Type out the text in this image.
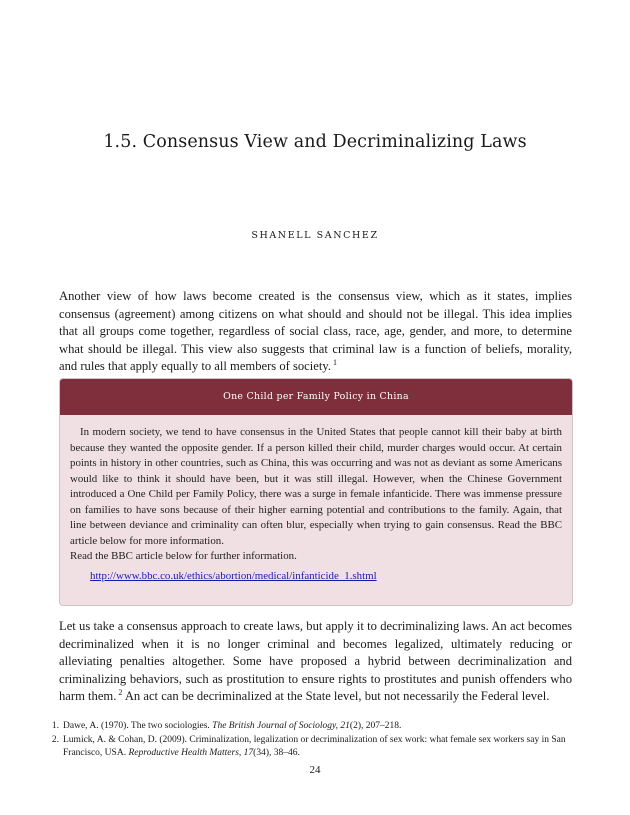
1.5. Consensus View and Decriminalizing Laws
SHANELL SANCHEZ
Another view of how laws become created is the consensus view, which as it states, implies consensus (agreement) among citizens on what should and should not be illegal. This idea implies that all groups come together, regardless of social class, race, age, gender, and more, to determine what should be illegal. This view also suggests that criminal law is a function of beliefs, morality, and rules that apply equally to all members of society. $^1$
One Child per Family Policy in China

In modern society, we tend to have consensus in the United States that people cannot kill their baby at birth because they wanted the opposite gender. If a person killed their child, murder charges would occur. At certain points in history in other countries, such as China, this was occurring and was not as deviant as some Americans would like to think it should have been, but it was still illegal. However, when the Chinese Government introduced a One Child per Family Policy, there was a surge in female infanticide. There was immense pressure on families to have sons because of their higher earning potential and contributions to the family. Again, that line between deviance and criminality can often blur, especially when trying to gain consensus. Read the BBC article below for more information.

Read the BBC article below for further information.

http://www.bbc.co.uk/ethics/abortion/medical/infanticide_1.shtml

Let us take a consensus approach to create laws, but apply it to decriminalizing laws. An act becomes decriminalized when it is no longer criminal and becomes legalized, ultimately reducing or alleviating penalties altogether. Some have proposed a hybrid between decriminalization and criminalizing behaviors, such as prostitution to ensure rights to prostitutes and punish offenders who harm them. $^2$ An act can be decriminalized at the State level, but not necessarily the Federal level.
1. Dawe, A. (1970). The two sociologies. The British Journal of Sociology, 21(2), 207–218.
2. Lumick, A. & Cohan, D. (2009). Criminalization, legalization or decriminalization of sex work: what female sex workers say in San Francisco, USA. Reproductive Health Matters, 17(34), 38–46.
24
